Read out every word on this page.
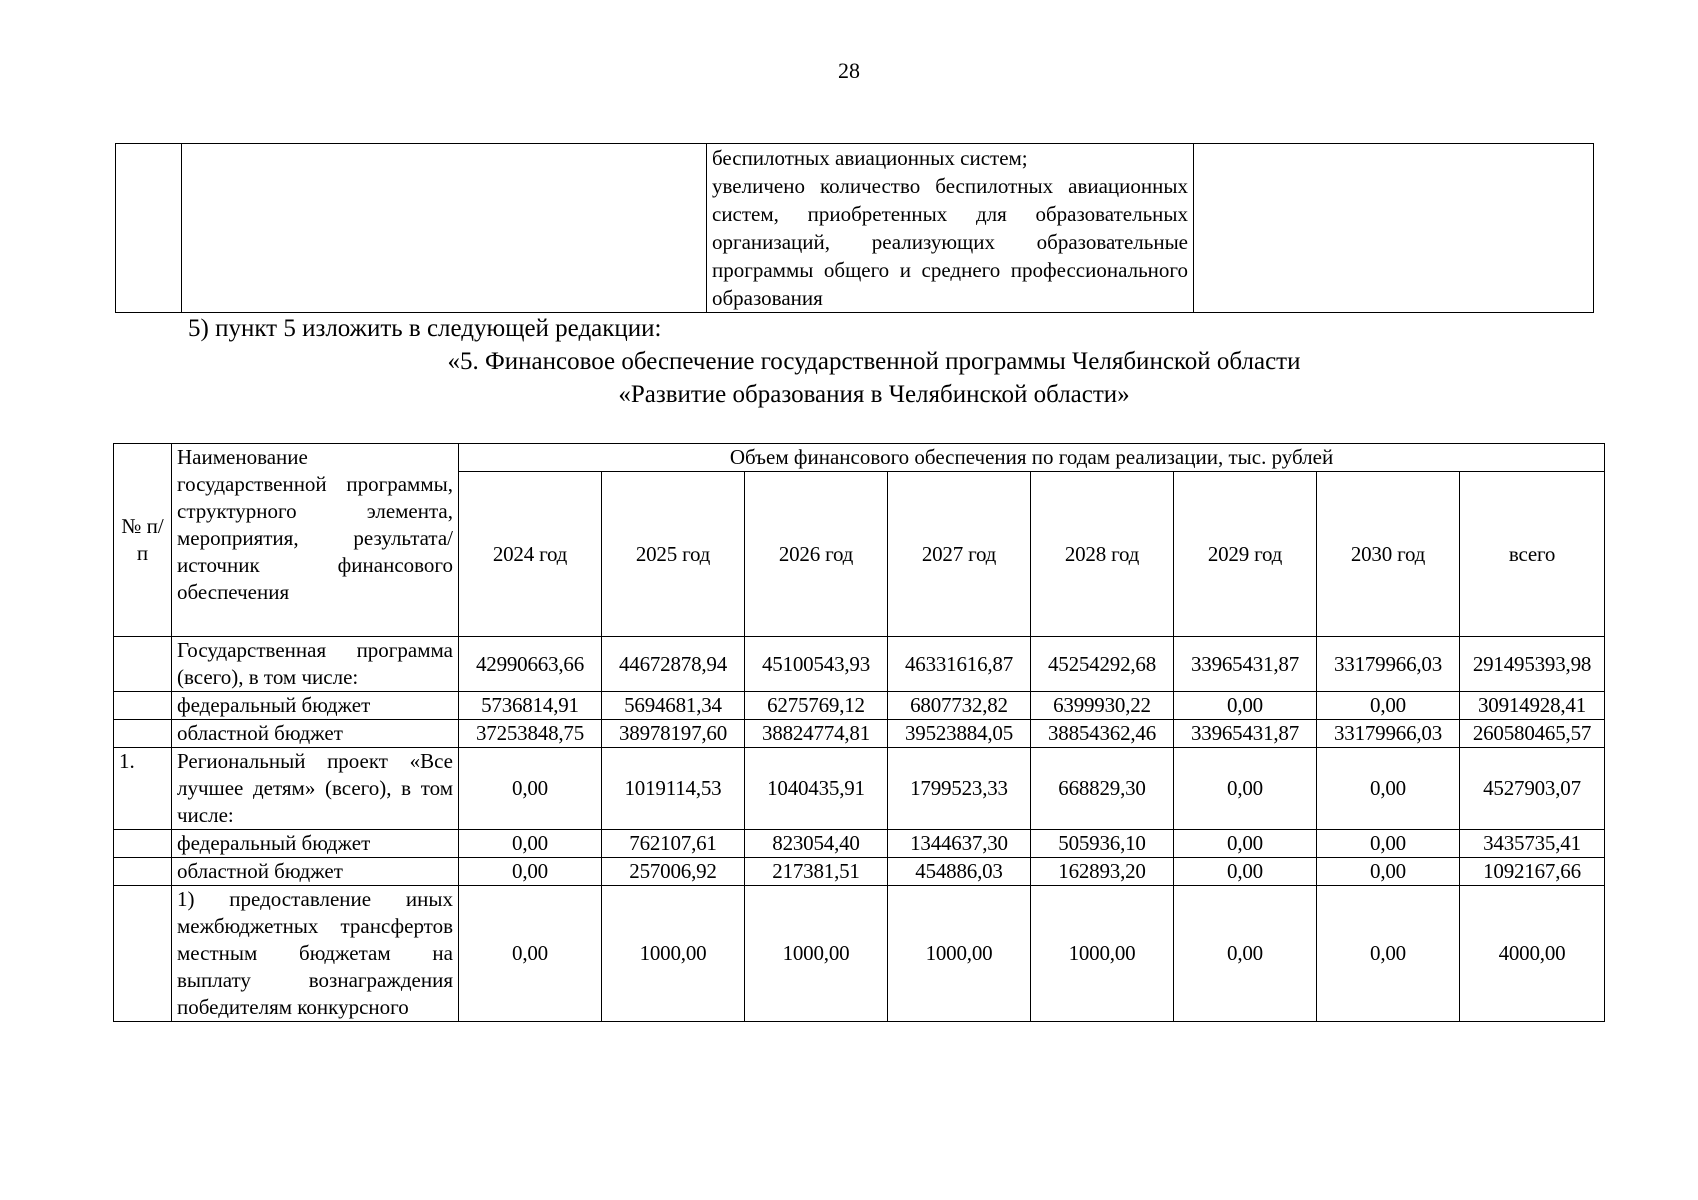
28

беспилотных авиационных систем;
увеличено количество беспилотных авиационных систем, приобретенных для образовательных организаций, реализующих образовательные программы общего и среднего профессионального образования

5) пункт 5 изложить в следующей редакции:
«5. Финансовое обеспечение государственной программы Челябинской области
«Развитие образования в Челябинской области»
№ п/п	Наименование государственной программы, структурного элемента, мероприятия, результата/ источник финансового обеспечения	Объем финансового обеспечения по годам реализации, тыс. рублей							
		2024 год	2025 год	2026 год	2027 год	2028 год	2029 год	2030 год	всего
	Государственная программа (всего), в том числе:	42990663,66	44672878,94	45100543,93	46331616,87	45254292,68	33965431,87	33179966,03	291495393,98
	федеральный бюджет	5736814,91	5694681,34	6275769,12	6807732,82	6399930,22	0,00	0,00	30914928,41
	областной бюджет	37253848,75	38978197,60	38824774,81	39523884,05	38854362,46	33965431,87	33179966,03	260580465,57
1.	Региональный проект «Все лучшее детям» (всего), в том числе:	0,00	1019114,53	1040435,91	1799523,33	668829,30	0,00	0,00	4527903,07
	федеральный бюджет	0,00	762107,61	823054,40	1344637,30	505936,10	0,00	0,00	3435735,41
	областной бюджет	0,00	257006,92	217381,51	454886,03	162893,20	0,00	0,00	1092167,66
	1) предоставление иных межбюджетных трансфертов местным бюджетам на выплату вознаграждения победителям конкурсного	0,00	1000,00	1000,00	1000,00	1000,00	0,00	0,00	4000,00
